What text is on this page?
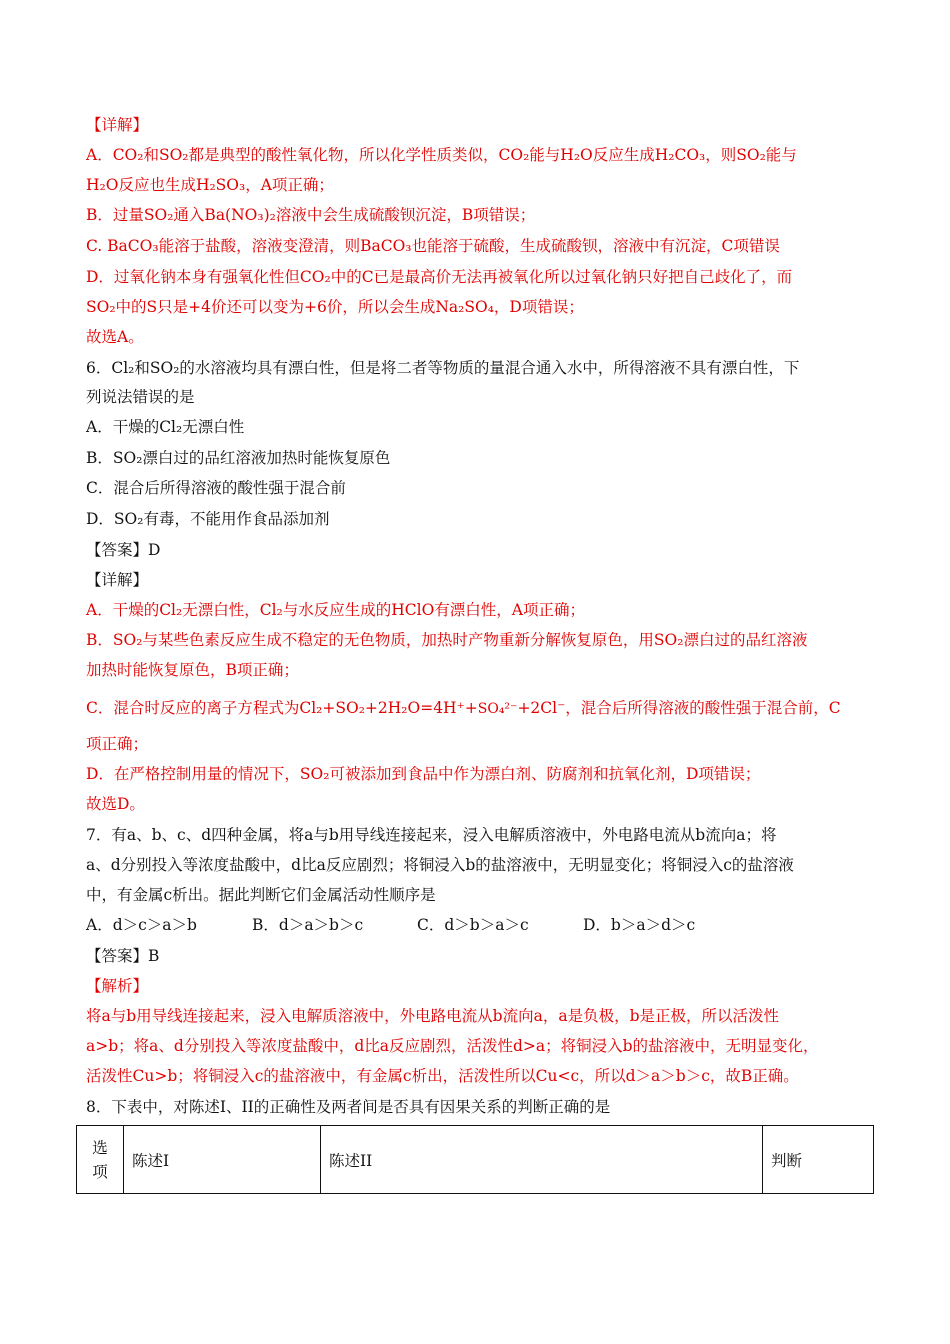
【详解】
A．CO₂和SO₂都是典型的酸性氧化物，所以化学性质类似，CO₂能与H₂O反应生成H₂CO₃，则SO₂能与
H₂O反应也生成H₂SO₃，A项正确；
B．过量SO₂通入Ba(NO₃)₂溶液中会生成硫酸钡沉淀，B项错误；
C. BaCO₃能溶于盐酸，溶液变澄清，则BaCO₃也能溶于硫酸，生成硫酸钡，溶液中有沉淀，C项错误
D．过氧化钠本身有强氧化性但CO₂中的C已是最高价无法再被氧化所以过氧化钠只好把自己歧化了，而
SO₂中的S只是+4价还可以变为+6价，所以会生成Na₂SO₄，D项错误；
故选A。
6．Cl₂和SO₂的水溶液均具有漂白性，但是将二者等物质的量混合通入水中，所得溶液不具有漂白性，下
列说法错误的是
A．干燥的Cl₂无漂白性
B．SO₂漂白过的品红溶液加热时能恢复原色
C．混合后所得溶液的酸性强于混合前
D．SO₂有毒，不能用作食品添加剂
【答案】D
【详解】
A．干燥的Cl₂无漂白性，Cl₂与水反应生成的HClO有漂白性，A项正确；
B．SO₂与某些色素反应生成不稳定的无色物质，加热时产物重新分解恢复原色，用SO₂漂白过的品红溶液
加热时能恢复原色，B项正确；
C．混合时反应的离子方程式为Cl₂+SO₂+2H₂O=4H⁺+SO₄²⁻+2Cl⁻，混合后所得溶液的酸性强于混合前，C
项正确；
D．在严格控制用量的情况下，SO₂可被添加到食品中作为漂白剂、防腐剂和抗氧化剂，D项错误；
故选D。
7．有a、b、c、d四种金属，将a与b用导线连接起来，浸入电解质溶液中，外电路电流从b流向a；将
a、d分别投入等浓度盐酸中，d比a反应剧烈；将铜浸入b的盐溶液中，无明显变化；将铜浸入c的盐溶液
中，有金属c析出。据此判断它们金属活动性顺序是
A．d＞c＞a＞b	B．d＞a＞b＞c	C．d＞b＞a＞c	D．b＞a＞d＞c
【答案】B
【解析】
将a与b用导线连接起来，浸入电解质溶液中，外电路电流从b流向a，a是负极，b是正极，所以活泼性
a>b；将a、d分别投入等浓度盐酸中，d比a反应剧烈，活泼性d>a；将铜浸入b的盐溶液中，无明显变化，
活泼性Cu>b；将铜浸入c的盐溶液中，有金属c析出，活泼性所以Cu<c，所以d＞a＞b＞c，故B正确。
8．下表中，对陈述I、II的正确性及两者间是否具有因果关系的判断正确的是
选项	陈述I	陈述II	判断
